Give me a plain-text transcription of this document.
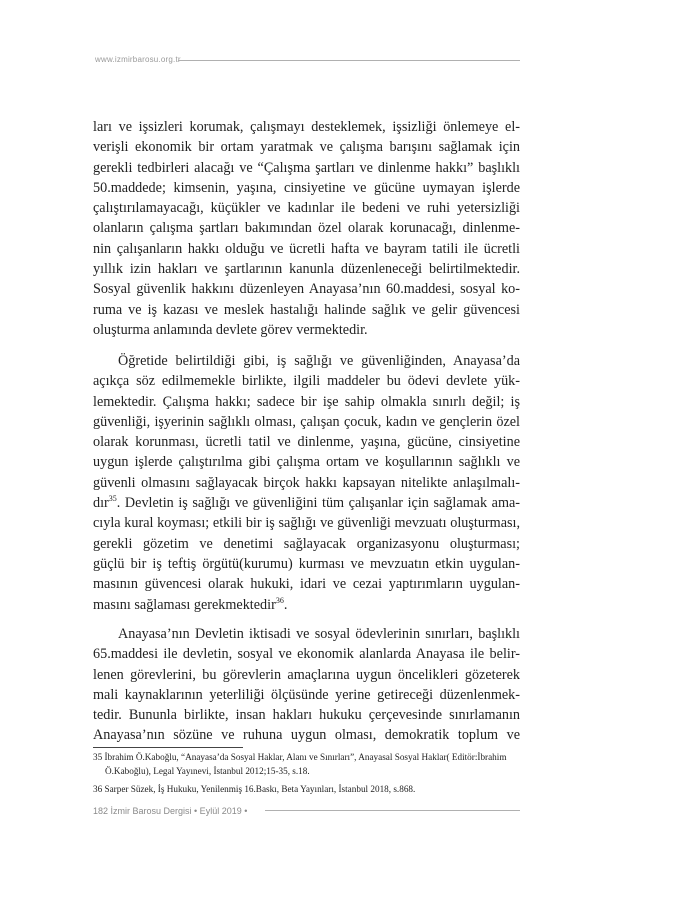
www.izmirbarosu.org.tr
ları ve işsizleri korumak, çalışmayı desteklemek, işsizliği önlemeye el-
verişli ekonomik bir ortam yaratmak ve çalışma barışını sağlamak için
gerekli tedbirleri alacağı ve “Çalışma şartları ve dinlenme hakkı” başlıklı
50.maddede; kimsenin, yaşına, cinsiyetine ve gücüne uymayan işlerde
çalıştırılamayacağı, küçükler ve kadınlar ile bedeni ve ruhi yetersizliği
olanların çalışma şartları bakımından özel olarak korunacağı, dinlenme-
nin çalışanların hakkı olduğu ve ücretli hafta ve bayram tatili ile ücretli
yıllık izin hakları ve şartlarının kanunla düzenleneceği belirtilmektedir.
Sosyal güvenlik hakkını düzenleyen Anayasa’nın 60.maddesi, sosyal ko-
ruma ve iş kazası ve meslek hastalığı halinde sağlık ve gelir güvencesi
oluşturma anlamında devlete görev vermektedir.
Öğretide belirtildiği gibi, iş sağlığı ve güvenliğinden, Anayasa’da
açıkça söz edilmemekle birlikte, ilgili maddeler bu ödevi devlete yük-
lemektedir. Çalışma hakkı; sadece bir işe sahip olmakla sınırlı değil; iş
güvenliği, işyerinin sağlıklı olması, çalışan çocuk, kadın ve gençlerin özel
olarak korunması, ücretli tatil ve dinlenme, yaşına, gücüne, cinsiyetine
uygun işlerde çalıştırılma gibi çalışma ortam ve koşullarının sağlıklı ve
güvenli olmasını sağlayacak birçok hakkı kapsayan nitelikte anlaşılmalı-
dır$^{35}$. Devletin iş sağlığı ve güvenliğini tüm çalışanlar için sağlamak ama-
cıyla kural koyması; etkili bir iş sağlığı ve güvenliği mevzuatı oluşturması,
gerekli gözetim ve denetimi sağlayacak organizasyonu oluşturması;
güçlü bir iş teftiş örgütü(kurumu) kurması ve mevzuatın etkin uygulan-
masının güvencesi olarak hukuki, idari ve cezai yaptırımların uygulan-
masını sağlaması gerekmektedir$^{36}$.
Anayasa’nın Devletin iktisadi ve sosyal ödevlerinin sınırları, başlıklı
65.maddesi ile devletin, sosyal ve ekonomik alanlarda Anayasa ile belir-
lenen görevlerini, bu görevlerin amaçlarına uygun öncelikleri gözeterek
mali kaynaklarının yeterliliği ölçüsünde yerine getireceği düzenlenmek-
tedir. Bununla birlikte, insan hakları hukuku çerçevesinde sınırlamanın
Anayasa’nın sözüne ve ruhuna uygun olması, demokratik toplum ve
35 İbrahim Ö.Kaboğlu, “Anayasa’da Sosyal Haklar, Alanı ve Sınırları”, Anayasal Sosyal Haklar( Editör:İbrahim
Ö.Kaboğlu), Legal Yayınevi, İstanbul 2012;15-35, s.18.
36 Sarper Süzek, İş Hukuku, Yenilenmiş 16.Baskı, Beta Yayınları, İstanbul 2018, s.868.
182 İzmir Barosu Dergisi • Eylül 2019 •
